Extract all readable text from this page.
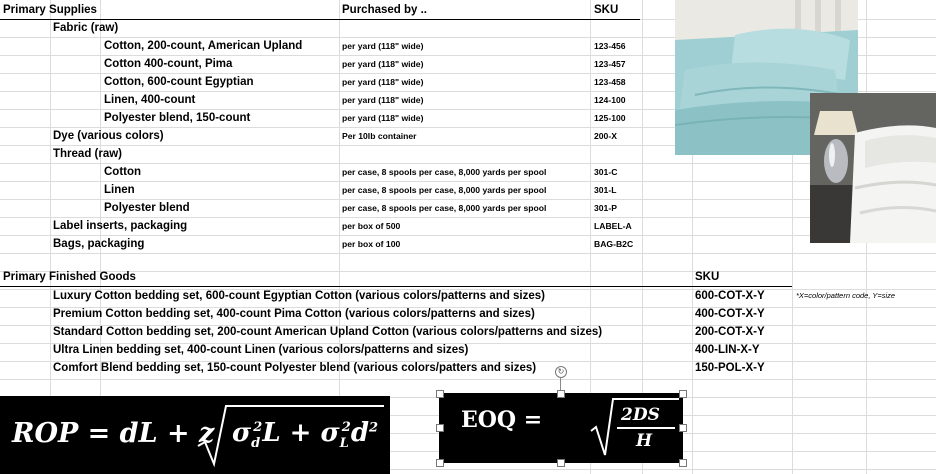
Primary Supplies	Purchased by ..	SKU
Fabric (raw)
Cotton, 200-count, American Upland	per yard (118" wide)	123-456
Cotton 400-count, Pima	per yard (118" wide)	123-457
Cotton, 600-count Egyptian	per yard (118" wide)	123-458
Linen, 400-count	per yard (118" wide)	124-100
Polyester blend, 150-count	per yard (118" wide)	125-100
Dye (various colors)	Per 10lb container	200-X
Thread (raw)
Cotton	per case, 8 spools per case, 8,000 yards per spool	301-C
Linen	per case, 8 spools per case, 8,000 yards per spool	301-L
Polyester blend	per case, 8 spools per case, 8,000 yards per spool	301-P
Label inserts, packaging	per box of 500	LABEL-A
Bags, packaging	per box of 100	BAG-B2C
Primary Finished Goods	SKU
*X=color/pattern code, Y=size
Luxury Cotton bedding set, 600-count Egyptian Cotton (various colors/patterns and sizes)	600-COT-X-Y
Premium Cotton bedding set, 400-count Pima Cotton (various colors/patterns and sizes)	400-COT-X-Y
Standard Cotton bedding set, 200-count American Upland Cotton (various colors/patterns and sizes)	200-COT-X-Y
Ultra Linen bedding set, 400-count Linen (various colors/patterns and sizes)	400-LIN-X-Y
Comfort Blend bedding set, 150-count Polyester blend (various colors/patters and sizes)	150-POL-X-Y
ROP = dL + z $\sigma_d^2L + \sigma_L^2d^2$	EOQ =	2DS
H
↻
